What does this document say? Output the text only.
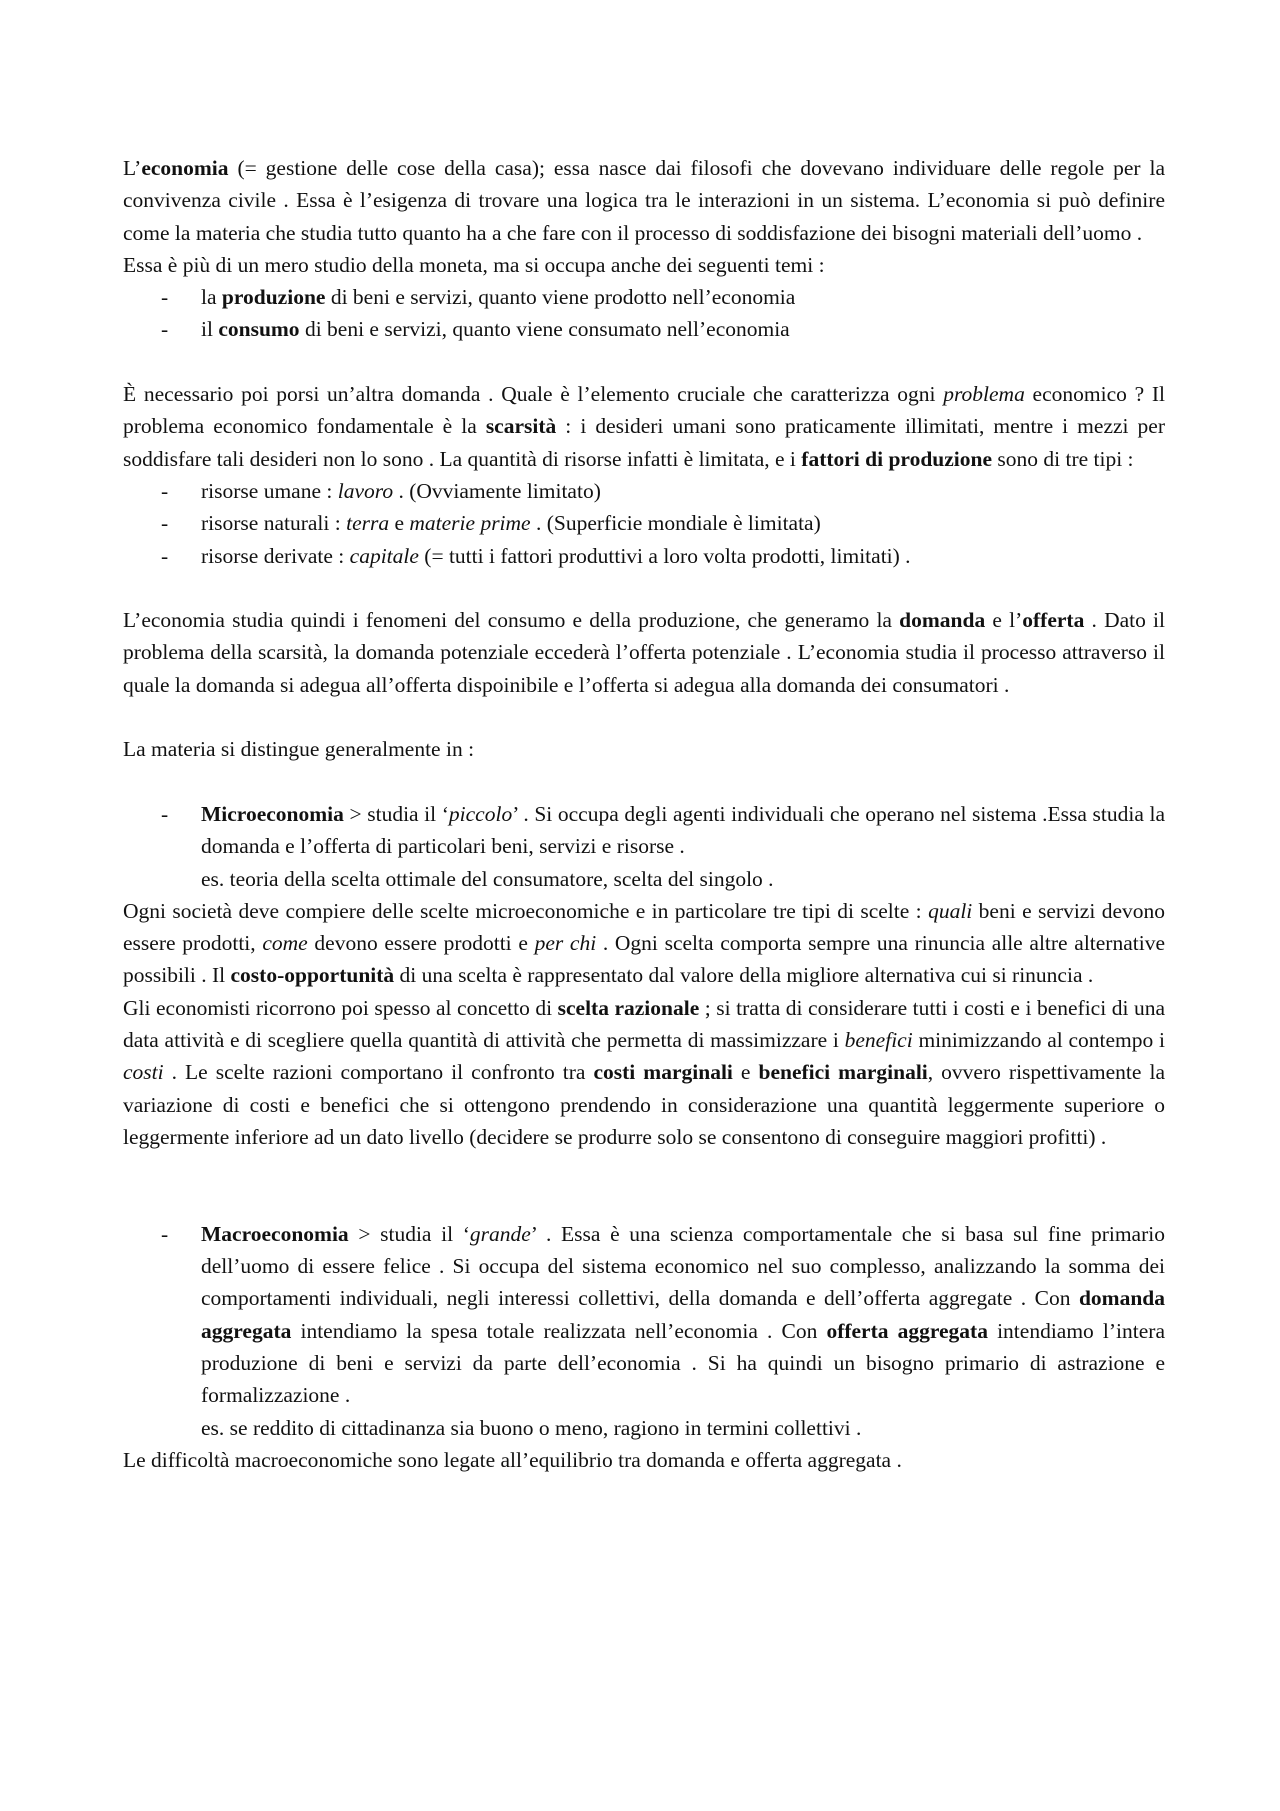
L’economia (= gestione delle cose della casa); essa nasce dai filosofi che dovevano individuare delle regole per la convivenza civile . Essa è l’esigenza di trovare una logica tra le interazioni in un sistema. L’economia si può definire come la materia che studia tutto quanto ha a che fare con il processo di soddisfazione dei bisogni materiali dell’uomo .

Essa è più di un mero studio della moneta, ma si occupa anche dei seguenti temi :

- la produzione di beni e servizi, quanto viene prodotto nell’economia
- il consumo di beni e servizi, quanto viene consumato nell’economia

È necessario poi porsi un’altra domanda . Quale è l’elemento cruciale che caratterizza ogni problema economico ? Il problema economico fondamentale è la scarsità : i desideri umani sono praticamente illimitati, mentre i mezzi per soddisfare tali desideri non lo sono . La quantità di risorse infatti è limitata, e i fattori di produzione sono di tre tipi :

- risorse umane : lavoro . (Ovviamente limitato)
- risorse naturali : terra e materie prime . (Superficie mondiale è limitata)
- risorse derivate : capitale (= tutti i fattori produttivi a loro volta prodotti, limitati) .

L’economia studia quindi i fenomeni del consumo e della produzione, che generamo la domanda e l’offerta . Dato il problema della scarsità, la domanda potenziale eccederà l’offerta potenziale . L’economia studia il processo attraverso il quale la domanda si adegua all’offerta dispoinibile e l’offerta si adegua alla domanda dei consumatori .

La materia si distingue generalmente in :

- Microeconomia > studia il ‘piccolo’ . Si occupa degli agenti individuali che operano nel sistema .Essa studia la domanda e l’offerta di particolari beni, servizi e risorse .

es. teoria della scelta ottimale del consumatore, scelta del singolo .

Ogni società deve compiere delle scelte microeconomiche e in particolare tre tipi di scelte : quali beni e servizi devono essere prodotti, come devono essere prodotti e per chi . Ogni scelta comporta sempre una rinuncia alle altre alternative possibili . Il costo-opportunità di una scelta è rappresentato dal valore della migliore alternativa cui si rinuncia .

Gli economisti ricorrono poi spesso al concetto di scelta razionale ; si tratta di considerare tutti i costi e i benefici di una data attività e di scegliere quella quantità di attività che permetta di massimizzare i benefici minimizzando al contempo i costi . Le scelte razioni comportano il confronto tra costi marginali e benefici marginali, ovvero rispettivamente la variazione di costi e benefici che si ottengono prendendo in considerazione una quantità leggermente superiore o leggermente inferiore ad un dato livello (decidere se produrre solo se consentono di conseguire maggiori profitti) .

- Macroeconomia > studia il ‘grande’ . Essa è una scienza comportamentale che si basa sul fine primario dell’uomo di essere felice . Si occupa del sistema economico nel suo complesso, analizzando la somma dei comportamenti individuali, negli interessi collettivi, della domanda e dell’offerta aggregate . Con domanda aggregata intendiamo la spesa totale realizzata nell’economia . Con offerta aggregata intendiamo l’intera produzione di beni e servizi da parte dell’economia . Si ha quindi un bisogno primario di astrazione e formalizzazione .

es. se reddito di cittadinanza sia buono o meno, ragiono in termini collettivi .

Le difficoltà macroeconomiche sono legate all’equilibrio tra domanda e offerta aggregata .
